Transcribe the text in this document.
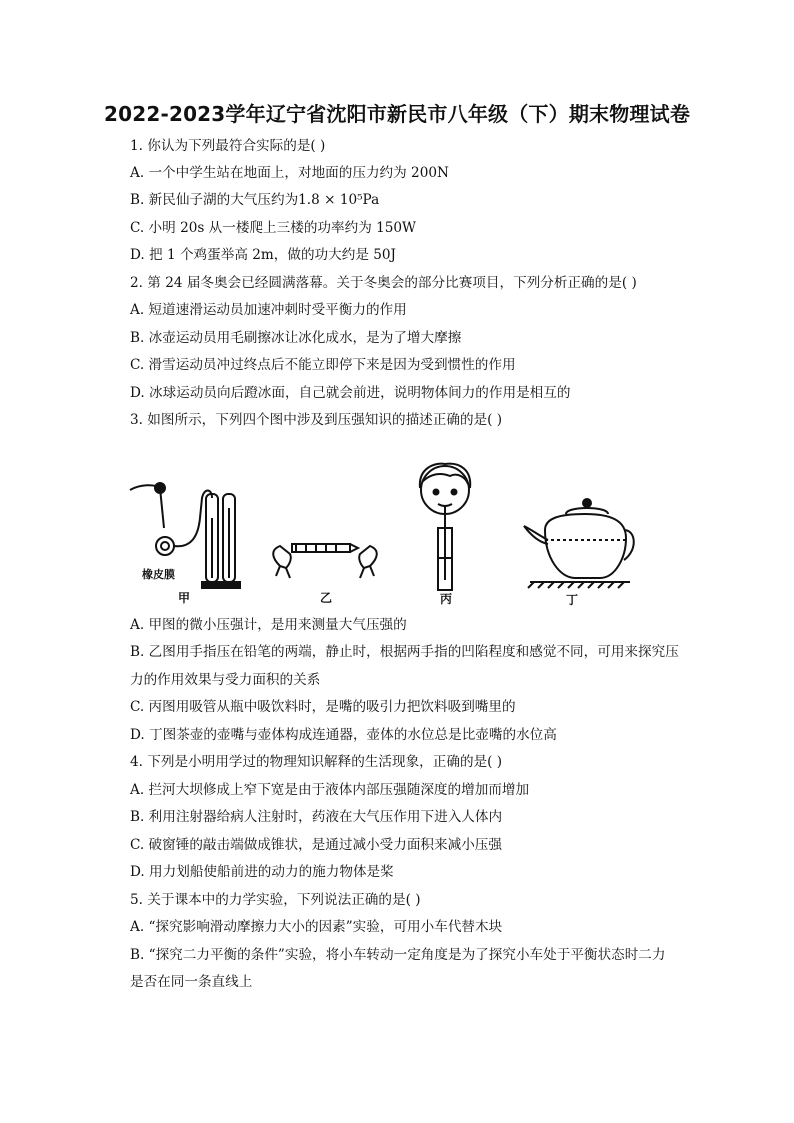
2022-2023学年辽宁省沈阳市新民市八年级（下）期末物理试卷
1. 你认为下列最符合实际的是( )
A. 一个中学生站在地面上，对地面的压力约为 200N
B. 新民仙子湖的大气压约为1.8 × 10⁵Pa
C. 小明 20s 从一楼爬上三楼的功率约为 150W
D. 把 1 个鸡蛋举高 2m，做的功大约是 50J
2. 第 24 届冬奥会已经圆满落幕。关于冬奥会的部分比赛项目，下列分析正确的是( )
A. 短道速滑运动员加速冲刺时受平衡力的作用
B. 冰壶运动员用毛刷擦冰让冰化成水，是为了增大摩擦
C. 滑雪运动员冲过终点后不能立即停下来是因为受到惯性的作用
D. 冰球运动员向后蹬冰面，自己就会前进，说明物体间力的作用是相互的
3. 如图所示，下列四个图中涉及到压强知识的描述正确的是( )
橡皮膜
甲	乙	丙	丁
A. 甲图的微小压强计，是用来测量大气压强的
B. 乙图用手指压在铅笔的两端，静止时，根据两手指的凹陷程度和感觉不同，可用来探究压
力的作用效果与受力面积的关系
C. 丙图用吸管从瓶中吸饮料时，是嘴的吸引力把饮料吸到嘴里的
D. 丁图茶壶的壶嘴与壶体构成连通器，壶体的水位总是比壶嘴的水位高
4. 下列是小明用学过的物理知识解释的生活现象，正确的是( )
A. 拦河大坝修成上窄下宽是由于液体内部压强随深度的增加而增加
B. 利用注射器给病人注射时，药液在大气压作用下进入人体内
C. 破窗锤的敲击端做成锥状，是通过减小受力面积来减小压强
D. 用力划船使船前进的动力的施力物体是桨
5. 关于课本中的力学实验，下列说法正确的是( )
A. “探究影响滑动摩擦力大小的因素”实验，可用小车代替木块
B. “探究二力平衡的条件”实验，将小车转动一定角度是为了探究小车处于平衡状态时二力
是否在同一条直线上
